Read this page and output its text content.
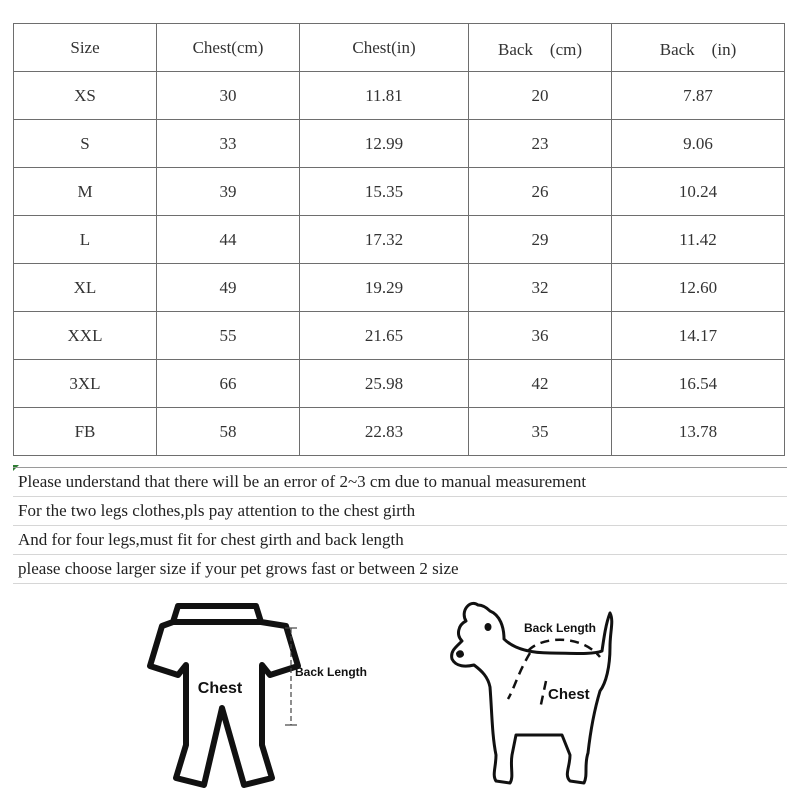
Size	Chest(cm)	Chest(in)	Back　(cm)	Back　(in)
XS	30	11.81	20	7.87
S	33	12.99	23	9.06
M	39	15.35	26	10.24
L	44	17.32	29	11.42
XL	49	19.29	32	12.60
XXL	55	21.65	36	14.17
3XL	66	25.98	42	16.54
FB	58	22.83	35	13.78
Please understand that there will be an error of 2~3 cm due to manual measurement
For the two legs clothes,pls pay attention to the chest girth
And for four legs,must fit for chest girth and back length
please choose larger size if your pet grows fast or between 2 size
Chest
Back Length
Back Length
Chest
